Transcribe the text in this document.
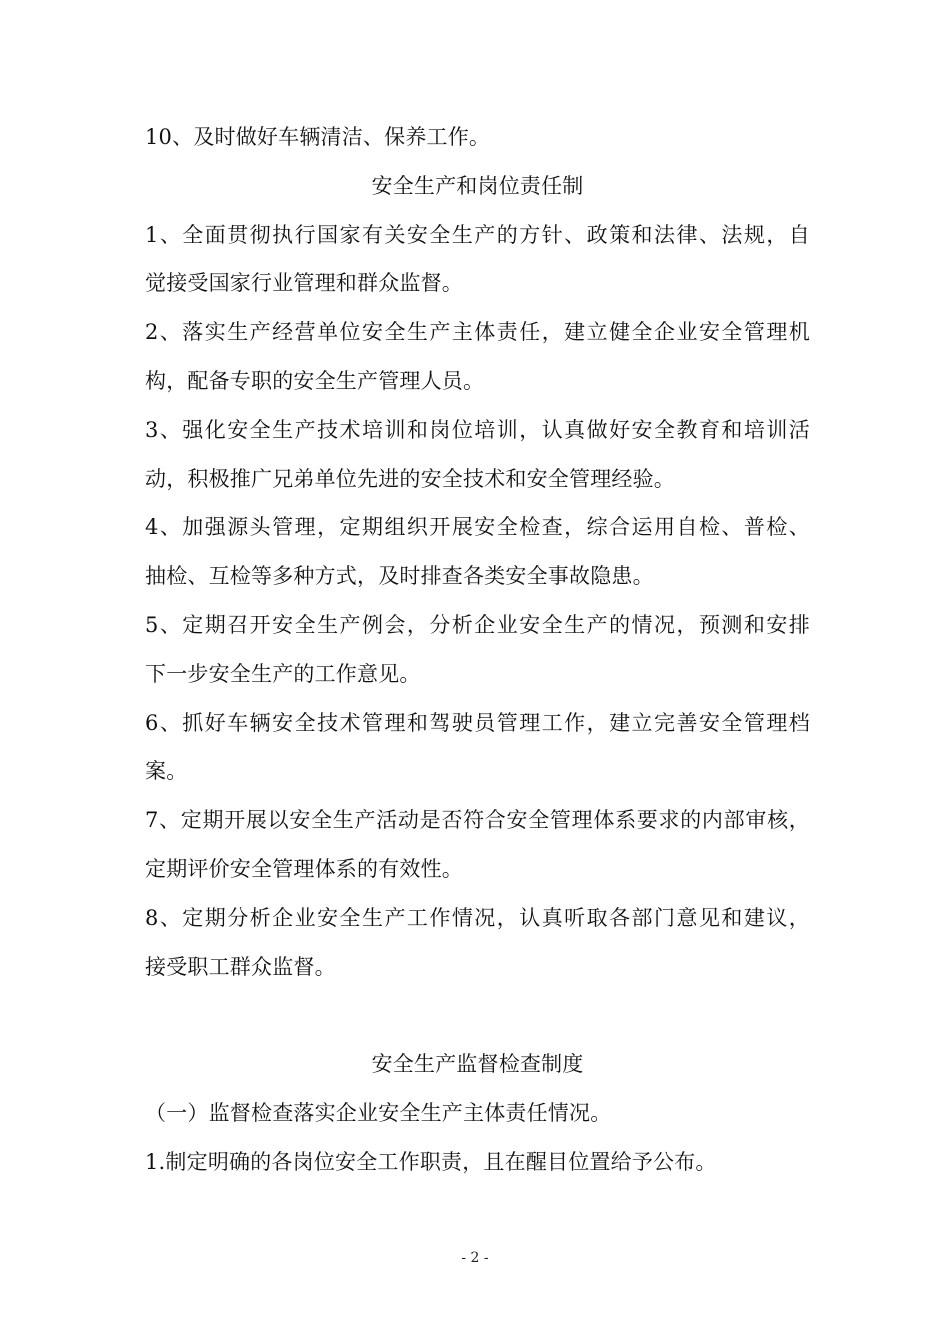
10、及时做好车辆清洁、保养工作。
安全生产和岗位责任制
1、全面贯彻执行国家有关安全生产的方针、政策和法律、法规，自
觉接受国家行业管理和群众监督。
2、落实生产经营单位安全生产主体责任，建立健全企业安全管理机
构，配备专职的安全生产管理人员。
3、强化安全生产技术培训和岗位培训，认真做好安全教育和培训活
动，积极推广兄弟单位先进的安全技术和安全管理经验。
4、加强源头管理，定期组织开展安全检查，综合运用自检、普检、
抽检、互检等多种方式，及时排查各类安全事故隐患。
5、定期召开安全生产例会，分析企业安全生产的情况，预测和安排
下一步安全生产的工作意见。
6、抓好车辆安全技术管理和驾驶员管理工作，建立完善安全管理档
案。
7、定期开展以安全生产活动是否符合安全管理体系要求的内部审核，
定期评价安全管理体系的有效性。
8、定期分析企业安全生产工作情况，认真听取各部门意见和建议，
接受职工群众监督。
安全生产监督检查制度
（一）监督检查落实企业安全生产主体责任情况。
1.制定明确的各岗位安全工作职责，且在醒目位置给予公布。
- 2 -
